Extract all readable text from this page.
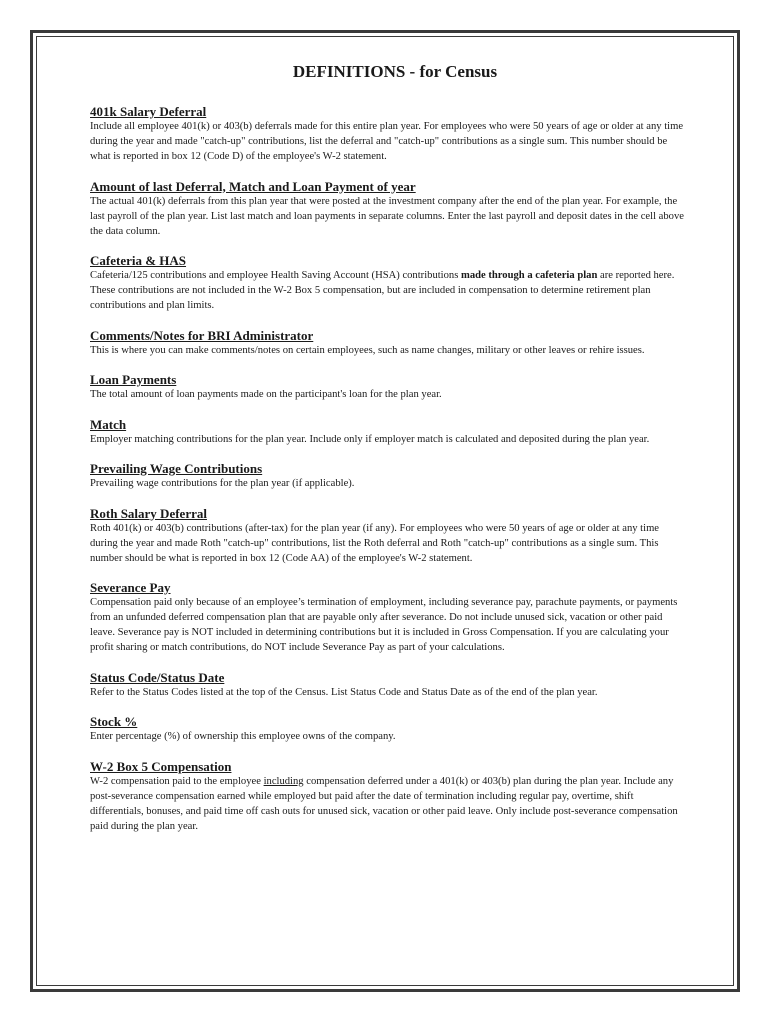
DEFINITIONS - for Census

401k Salary Deferral

Include all employee 401(k) or 403(b) deferrals made for this entire plan year. For employees who were 50 years of age or older at any time during the year and made "catch-up" contributions, list the deferral and "catch-up" contributions as a single sum. This number should be what is reported in box 12 (Code D) of the employee's W-2 statement.

Amount of last Deferral, Match and Loan Payment of year

The actual 401(k) deferrals from this plan year that were posted at the investment company after the end of the plan year. For example, the last payroll of the plan year. List last match and loan payments in separate columns. Enter the last payroll and deposit dates in the cell above the data column.

Cafeteria & HAS

Cafeteria/125 contributions and employee Health Saving Account (HSA) contributions made through a cafeteria plan are reported here. These contributions are not included in the W-2 Box 5 compensation, but are included in compensation to determine retirement plan contributions and plan limits.

Comments/Notes for BRI Administrator

This is where you can make comments/notes on certain employees, such as name changes, military or other leaves or rehire issues.

Loan Payments

The total amount of loan payments made on the participant's loan for the plan year.

Match

Employer matching contributions for the plan year. Include only if employer match is calculated and deposited during the plan year.

Prevailing Wage Contributions

Prevailing wage contributions for the plan year (if applicable).

Roth Salary Deferral

Roth 401(k) or 403(b) contributions (after-tax) for the plan year (if any). For employees who were 50 years of age or older at any time during the year and made Roth "catch-up" contributions, list the Roth deferral and Roth "catch-up" contributions as a single sum. This number should be what is reported in box 12 (Code AA) of the employee's W-2 statement.

Severance Pay

Compensation paid only because of an employee’s termination of employment, including severance pay, parachute payments, or payments from an unfunded deferred compensation plan that are payable only after severance. Do not include unused sick, vacation or other paid leave. Severance pay is NOT included in determining contributions but it is included in Gross Compensation. If you are calculating your profit sharing or match contributions, do NOT include Severance Pay as part of your calculations.

Status Code/Status Date

Refer to the Status Codes listed at the top of the Census. List Status Code and Status Date as of the end of the plan year.

Stock %

Enter percentage (%) of ownership this employee owns of the company.

W-2 Box 5 Compensation

W-2 compensation paid to the employee including compensation deferred under a 401(k) or 403(b) plan during the plan year. Include any post-severance compensation earned while employed but paid after the date of termination including regular pay, overtime, shift differentials, bonuses, and paid time off cash outs for unused sick, vacation or other paid leave. Only include post-severance compensation paid during the plan year.
